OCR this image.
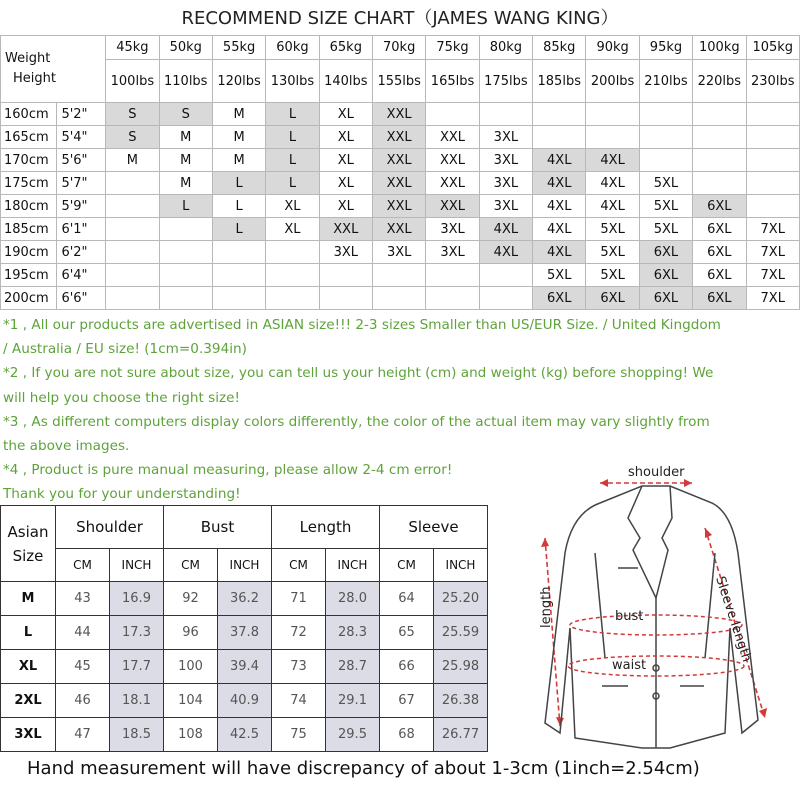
RECOMMEND SIZE CHART（JAMES WANG KING）
Weight
Height		45kg	50kg	55kg	60kg	65kg	70kg	75kg	80kg	85kg	90kg	95kg	100kg	105kg
		100lbs	110lbs	120lbs	130lbs	140lbs	155lbs	165lbs	175lbs	185lbs	200lbs	210lbs	220lbs	230lbs
160cm	5'2"	S	S	M	L	XL	XXL							
165cm	5'4"	S	M	M	L	XL	XXL	XXL	3XL					
170cm	5'6"	M	M	M	L	XL	XXL	XXL	3XL	4XL	4XL			
175cm	5'7"		M	L	L	XL	XXL	XXL	3XL	4XL	4XL	5XL		
180cm	5'9"		L	L	XL	XL	XXL	XXL	3XL	4XL	4XL	5XL	6XL	
185cm	6'1"			L	XL	XXL	XXL	3XL	4XL	4XL	5XL	5XL	6XL	7XL
190cm	6'2"					3XL	3XL	3XL	4XL	4XL	5XL	6XL	6XL	7XL
195cm	6'4"									5XL	5XL	6XL	6XL	7XL
200cm	6'6"									6XL	6XL	6XL	6XL	7XL
*1 , All our products are advertised in ASIAN size!!! 2-3 sizes Smaller than US/EUR Size. / United Kingdom
/ Australia / EU size! (1cm=0.394in)
*2 , If you are not sure about size, you can tell us your height (cm) and weight (kg) before shopping! We
will help you choose the right size!
*3 , As different computers display colors differently, the color of the actual item may vary slightly from
the above images.
*4 , Product is pure manual measuring, please allow 2-4 cm error!
Thank you for your understanding!
Asian
Size	Shoulder		Bust		Length		Sleeve	
	CM	INCH	CM	INCH	CM	INCH	CM	INCH
M	43	16.9	92	36.2	71	28.0	64	25.20
L	44	17.3	96	37.8	72	28.3	65	25.59
XL	45	17.7	100	39.4	73	28.7	66	25.98
2XL	46	18.1	104	40.9	74	29.1	67	26.38
3XL	47	18.5	108	42.5	75	29.5	68	26.77
shoulder
bust
waist
length	Sleeve length
Hand measurement will have discrepancy of about 1-3cm (1inch=2.54cm)
